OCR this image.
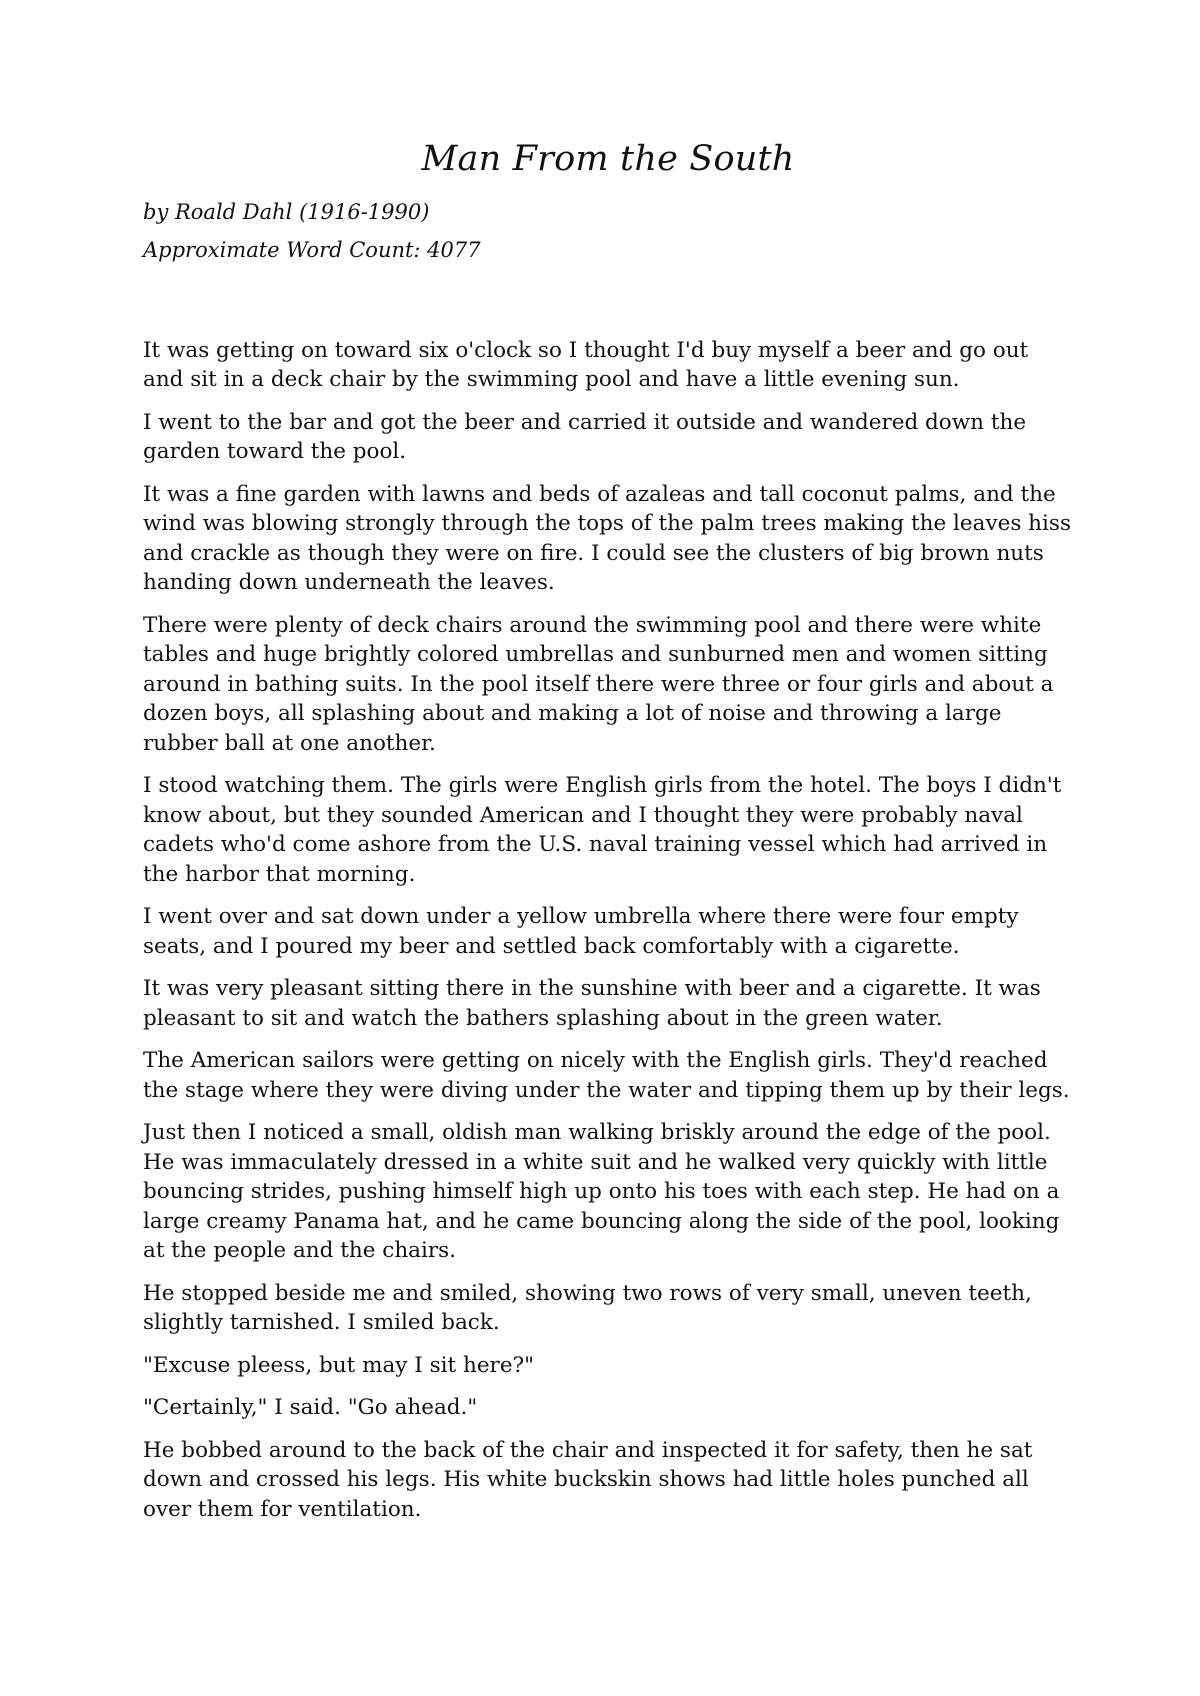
Man From the South
by Roald Dahl (1916-1990)
Approximate Word Count: 4077

It was getting on toward six o'clock so I thought I'd buy myself a beer and go out and sit in a deck chair by the swimming pool and have a little evening sun.

I went to the bar and got the beer and carried it outside and wandered down the garden toward the pool.

It was a fine garden with lawns and beds of azaleas and tall coconut palms, and the wind was blowing strongly through the tops of the palm trees making the leaves hiss and crackle as though they were on fire. I could see the clusters of big brown nuts handing down underneath the leaves.

There were plenty of deck chairs around the swimming pool and there were white tables and huge brightly colored umbrellas and sunburned men and women sitting around in bathing suits. In the pool itself there were three or four girls and about a dozen boys, all splashing about and making a lot of noise and throwing a large rubber ball at one another.

I stood watching them. The girls were English girls from the hotel. The boys I didn't know about, but they sounded American and I thought they were probably naval cadets who'd come ashore from the U.S. naval training vessel which had arrived in the harbor that morning.

I went over and sat down under a yellow umbrella where there were four empty seats, and I poured my beer and settled back comfortably with a cigarette.

It was very pleasant sitting there in the sunshine with beer and a cigarette. It was pleasant to sit and watch the bathers splashing about in the green water.

The American sailors were getting on nicely with the English girls. They'd reached the stage where they were diving under the water and tipping them up by their legs.

Just then I noticed a small, oldish man walking briskly around the edge of the pool. He was immaculately dressed in a white suit and he walked very quickly with little bouncing strides, pushing himself high up onto his toes with each step. He had on a large creamy Panama hat, and he came bouncing along the side of the pool, looking at the people and the chairs.

He stopped beside me and smiled, showing two rows of very small, uneven teeth, slightly tarnished. I smiled back.

"Excuse pleess, but may I sit here?"

"Certainly," I said. "Go ahead."

He bobbed around to the back of the chair and inspected it for safety, then he sat down and crossed his legs. His white buckskin shows had little holes punched all over them for ventilation.
